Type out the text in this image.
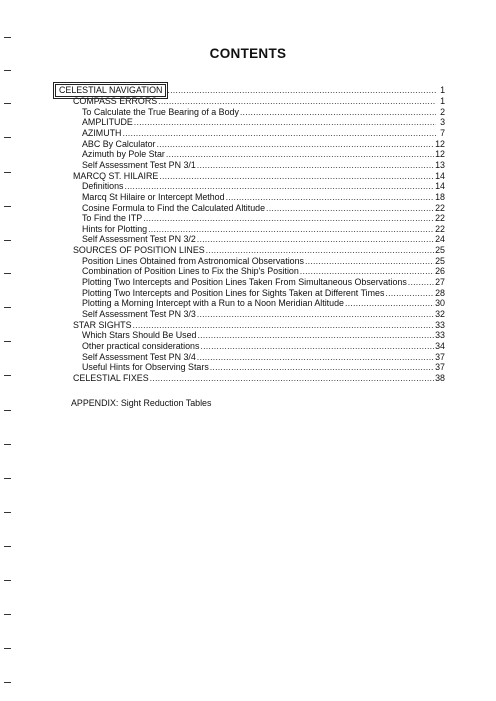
CONTENTS
CELESTIAL NAVIGATION .....	1
COMPASS ERRORS .....	1
To Calculate the True Bearing of a Body .....	2
AMPLITUDE .....	3
AZIMUTH .....	7
ABC By Calculator .....	12
Azimuth by Pole Star .....	12
Self Assessment Test PN 3/1 .....	13
MARCQ ST. HILAIRE .....	14
Definitions .....	14
Marcq St Hilaire or Intercept Method .....	18
Cosine Formula to Find the Calculated Altitude .....	22
To Find the ITP .....	22
Hints for Plotting .....	22
Self Assessment Test PN 3/2 .....	24
SOURCES OF POSITION LINES .....	25
Position Lines Obtained from Astronomical Observations .....	25
Combination of Position Lines to Fix the Ship's Position .....	26
Plotting Two Intercepts and Position Lines Taken From Simultaneous Observations .....	27
Plotting Two Intercepts and Position Lines for Sights Taken at Different Times .....	28
Plotting a Morning Intercept with a Run to a Noon Meridian Altitude .....	30
Self Assessment Test PN 3/3 .....	32
STAR SIGHTS .....	33
Which Stars Should Be Used .....	33
Other practical considerations .....	34
Self Assessment Test PN 3/4 .....	37
Useful Hints for Observing Stars .....	37
CELESTIAL FIXES .....	38
APPENDIX: Sight Reduction Tables
